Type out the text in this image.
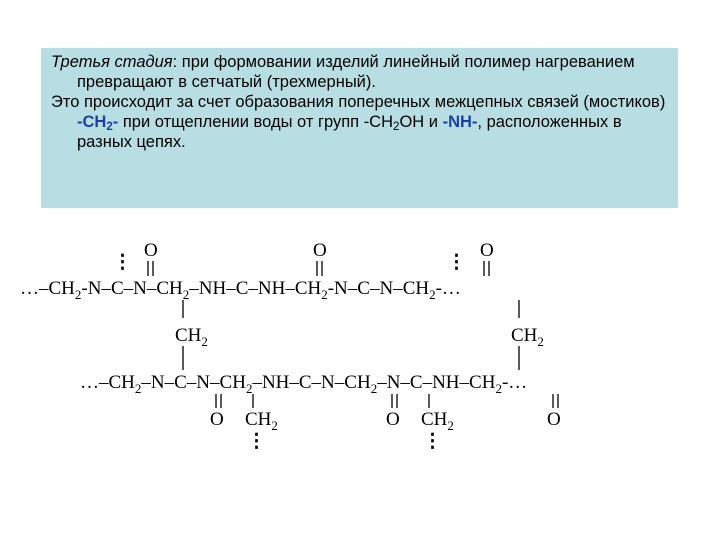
Третья стадия: при формовании изделий линейный полимер нагреванием превращают в сетчатый (трехмерный).

Это происходит за счет образования поперечных межцепных связей (мостиков) $-CH_2-$ при отщеплении воды от групп $-CH_2OH$ и -NH-, расположенных в разных цепях.

$\dots-CH_2-N-C-N-CH_2-NH-C-NH-CH_2-N-C-N-CH_2-\dots$
$\dots-CH_2-N-C-N-CH_2-NH-C-N-CH_2-N-C-NH-CH_2-\dots$
O	O	O
⋮	⋮
$CH_2$	$CH_2$
O	O	O
$CH_2$
⋮
$CH_2$
⋮
